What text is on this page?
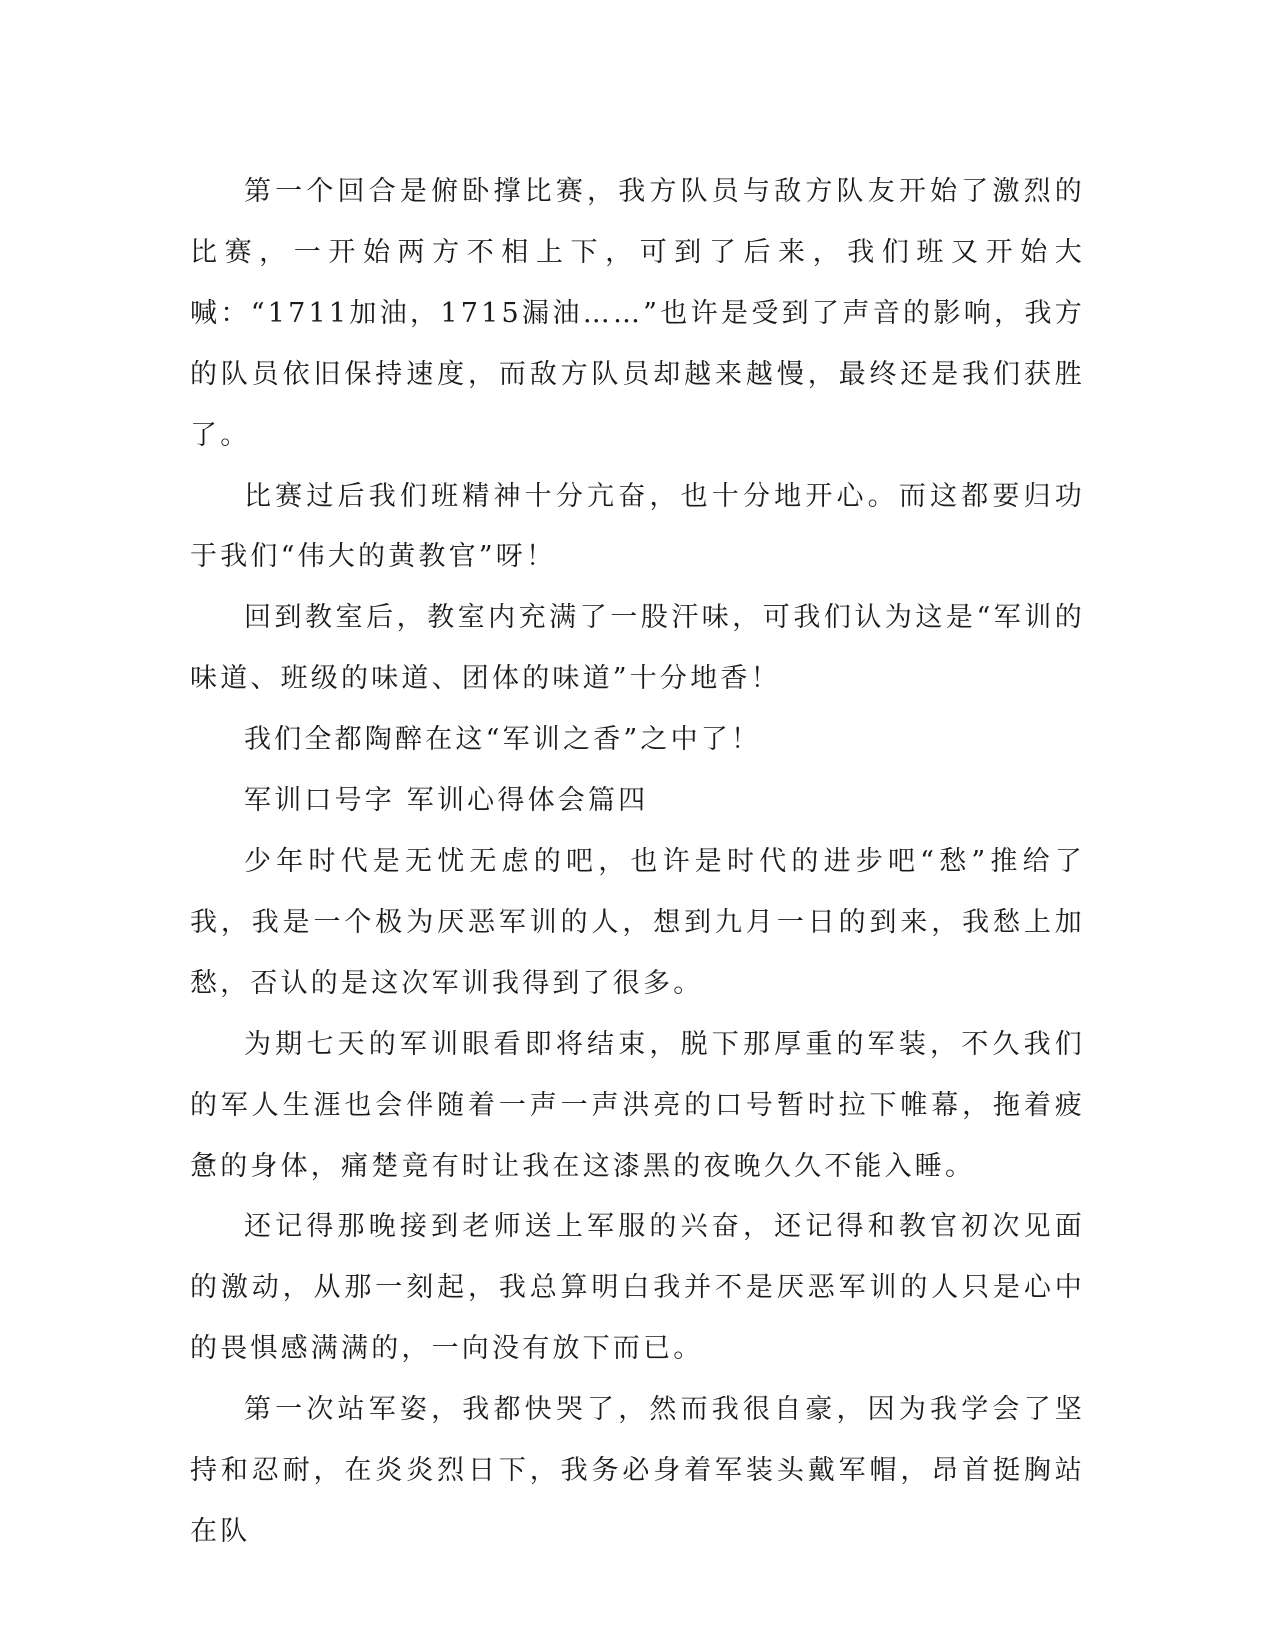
第一个回合是俯卧撑比赛，我方队员与敌方队友开始了激烈的比赛，一开始两方不相上下，可到了后来，我们班又开始大喊：“1711加油，1715漏油……”也许是受到了声音的影响，我方的队员依旧保持速度，而敌方队员却越来越慢，最终还是我们获胜了。

比赛过后我们班精神十分亢奋，也十分地开心。而这都要归功于我们“伟大的黄教官”呀！

回到教室后，教室内充满了一股汗味，可我们认为这是“军训的味道、班级的味道、团体的味道”十分地香！

我们全都陶醉在这“军训之香”之中了！

军训口号字 军训心得体会篇四

少年时代是无忧无虑的吧，也许是时代的进步吧“愁”推给了我，我是一个极为厌恶军训的人，想到九月一日的到来，我愁上加愁，否认的是这次军训我得到了很多。

为期七天的军训眼看即将结束，脱下那厚重的军装，不久我们的军人生涯也会伴随着一声一声洪亮的口号暂时拉下帷幕，拖着疲惫的身体，痛楚竟有时让我在这漆黑的夜晚久久不能入睡。

还记得那晚接到老师送上军服的兴奋，还记得和教官初次见面的激动，从那一刻起，我总算明白我并不是厌恶军训的人只是心中的畏惧感满满的，一向没有放下而已。

第一次站军姿，我都快哭了，然而我很自豪，因为我学会了坚持和忍耐，在炎炎烈日下，我务必身着军装头戴军帽，昂首挺胸站在队
